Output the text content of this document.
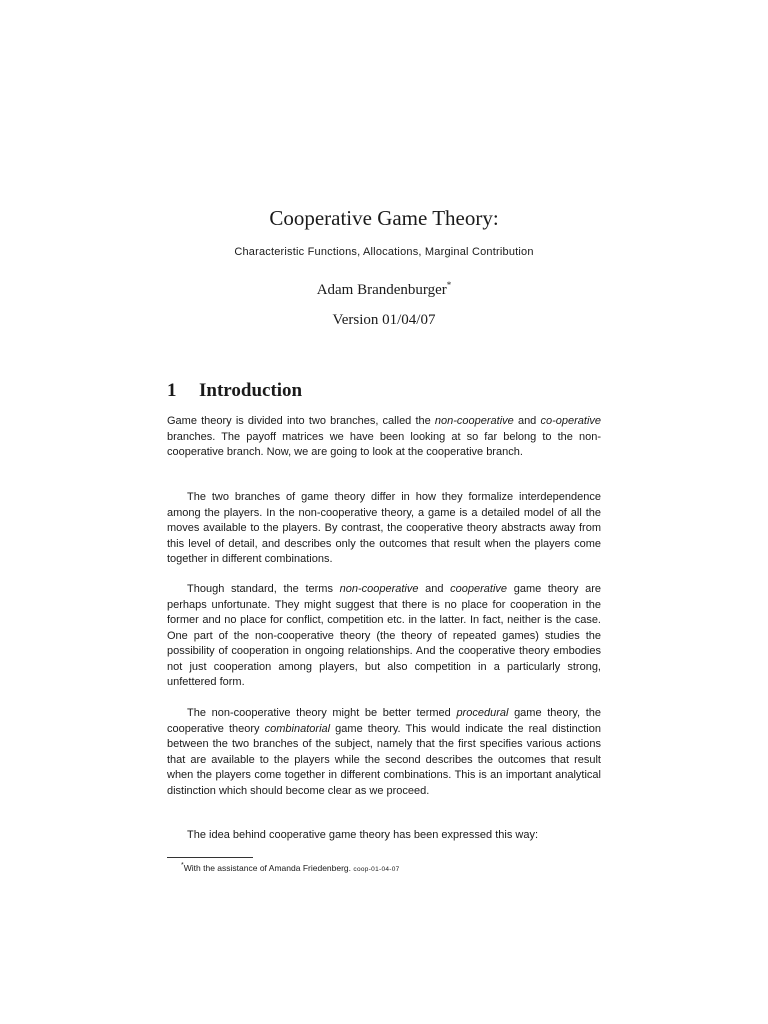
Cooperative Game Theory:
Characteristic Functions, Allocations, Marginal Contribution
Adam Brandenburger*
Version 01/04/07
1 Introduction

Game theory is divided into two branches, called the non-cooperative and co-operative branches. The payoff matrices we have been looking at so far belong to the non-cooperative branch. Now, we are going to look at the cooperative branch.

The two branches of game theory differ in how they formalize interdependence among the players. In the non-cooperative theory, a game is a detailed model of all the moves available to the players. By contrast, the cooperative theory abstracts away from this level of detail, and describes only the outcomes that result when the players come together in different combinations.

Though standard, the terms non-cooperative and cooperative game theory are perhaps unfortunate. They might suggest that there is no place for cooperation in the former and no place for conflict, competition etc. in the latter. In fact, neither is the case. One part of the non-cooperative theory (the theory of repeated games) studies the possibility of cooperation in ongoing relationships. And the cooperative theory embodies not just cooperation among players, but also competition in a particularly strong, unfettered form.

The non-cooperative theory might be better termed procedural game theory, the cooperative theory combinatorial game theory. This would indicate the real distinction between the two branches of the subject, namely that the first specifies various actions that are available to the players while the second describes the outcomes that result when the players come together in different combinations. This is an important analytical distinction which should become clear as we proceed.

The idea behind cooperative game theory has been expressed this way:

*With the assistance of Amanda Friedenberg. coop-01-04-07
